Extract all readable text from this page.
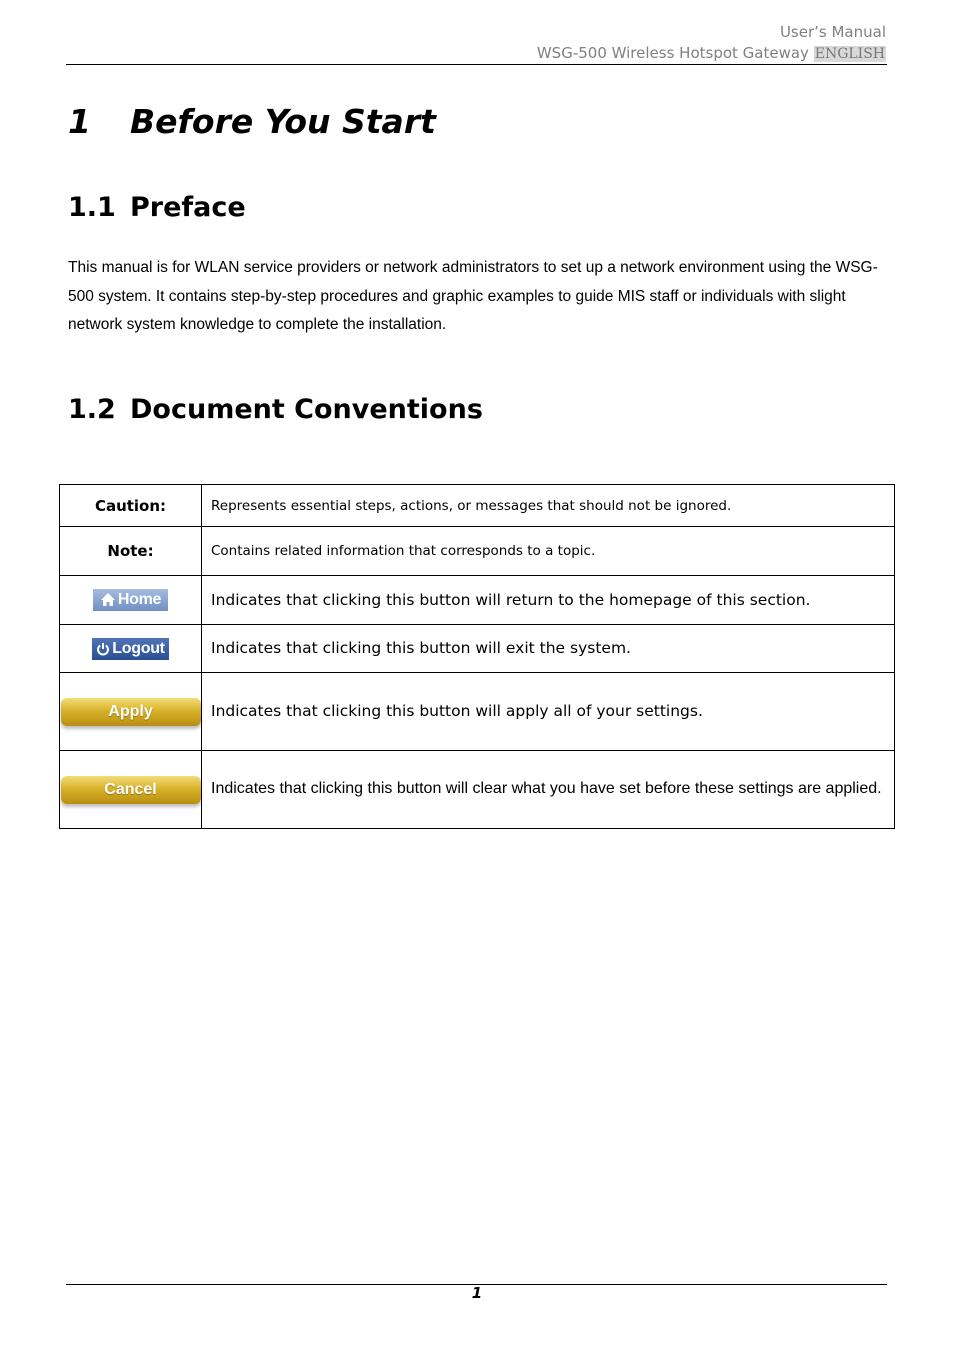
User’s Manual
WSG-500 Wireless Hotspot Gateway ENGLISH
1 Before You Start
1.1 Preface

This manual is for WLAN service providers or network administrators to set up a network environment using the WSG-500 system. It contains step-by-step procedures and graphic examples to guide MIS staff or individuals with slight network system knowledge to complete the installation.

1.2 Document Conventions
Caution:	Represents essential steps, actions, or messages that should not be ignored.
Note:	Contains related information that corresponds to a topic.

Home	Indicates that clicking this button will return to the homepage of this section.

Logout	Indicates that clicking this button will exit the system.
Apply	Indicates that clicking this button will apply all of your settings.
Cancel	Indicates that clicking this button will clear what you have set before these settings are applied.
1
